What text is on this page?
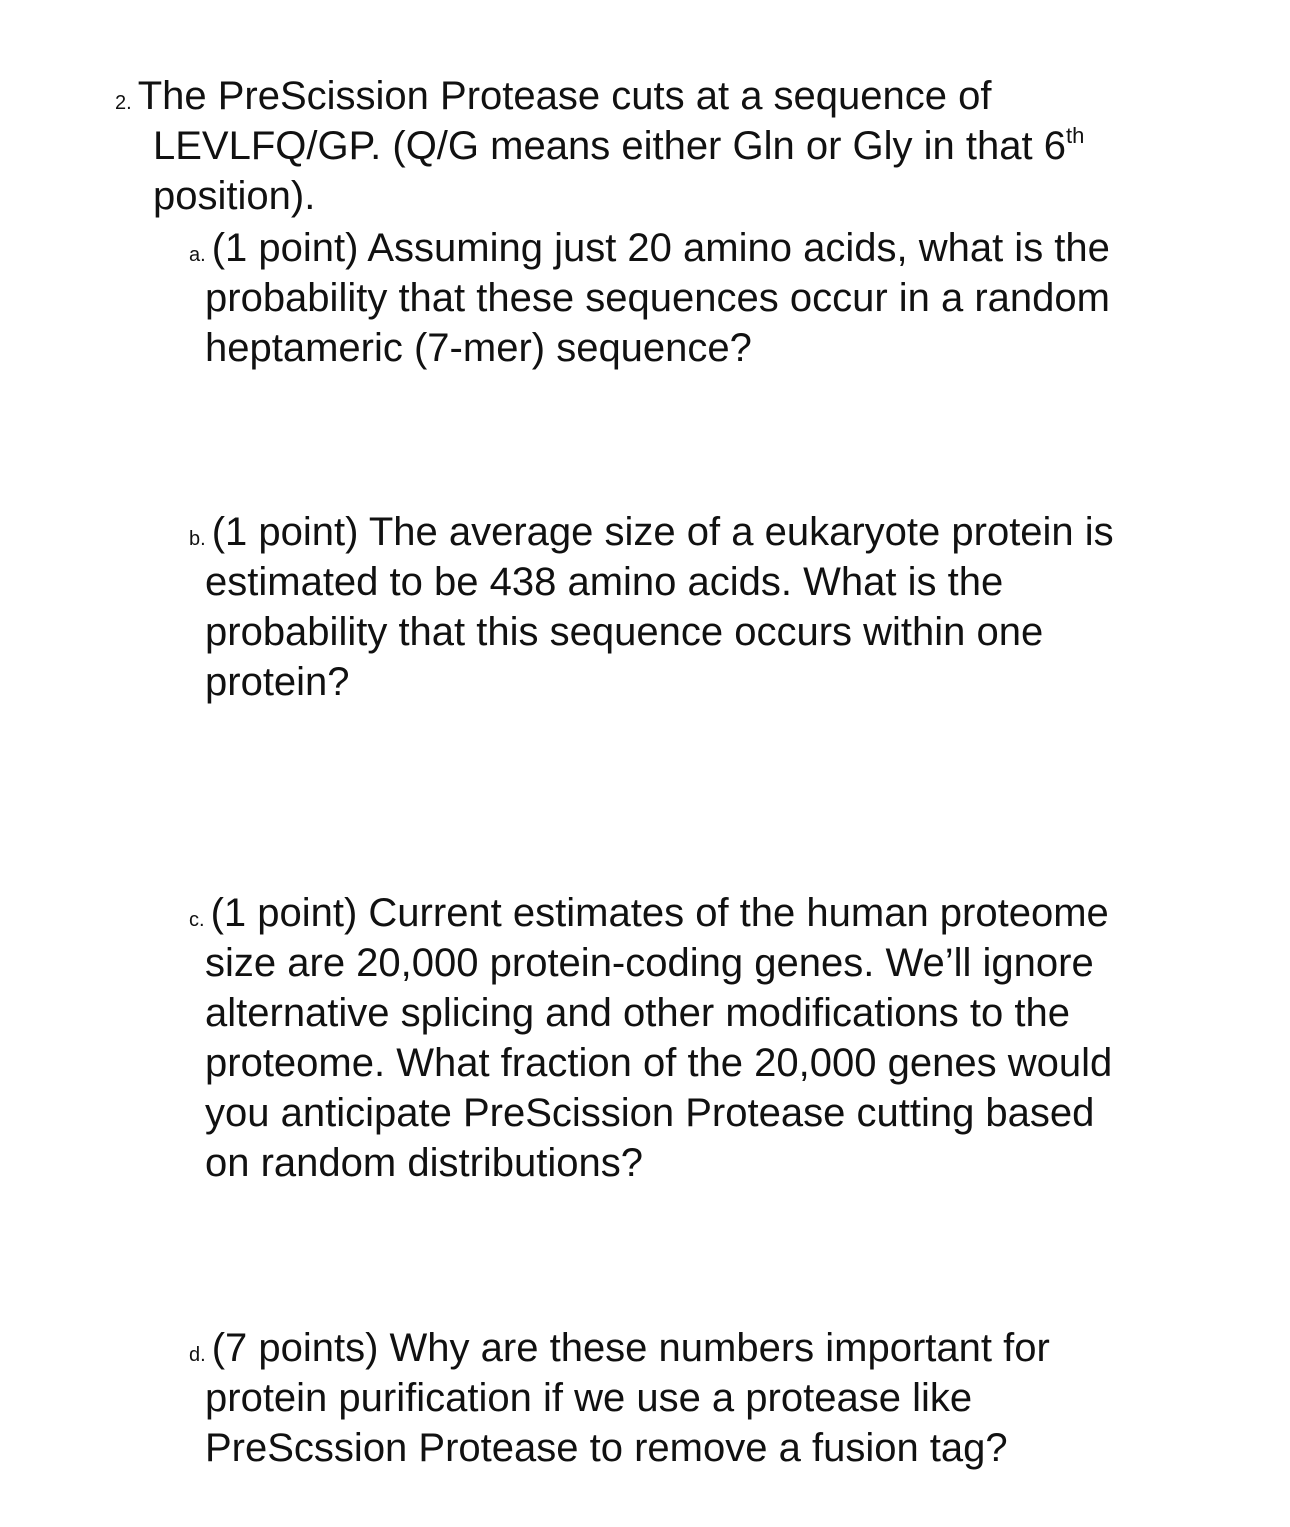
2. The PreScission Protease cuts at a sequence of
LEVLFQ/GP. (Q/G means either Gln or Gly in that 6th
position).
a. (1 point) Assuming just 20 amino acids, what is the
probability that these sequences occur in a random
heptameric (7-mer) sequence?
b. (1 point) The average size of a eukaryote protein is
estimated to be 438 amino acids. What is the
probability that this sequence occurs within one
protein?
c. (1 point) Current estimates of the human proteome
size are 20,000 protein-coding genes. We’ll ignore
alternative splicing and other modifications to the
proteome. What fraction of the 20,000 genes would
you anticipate PreScission Protease cutting based
on random distributions?
d. (7 points) Why are these numbers important for
protein purification if we use a protease like
PreScssion Protease to remove a fusion tag?
